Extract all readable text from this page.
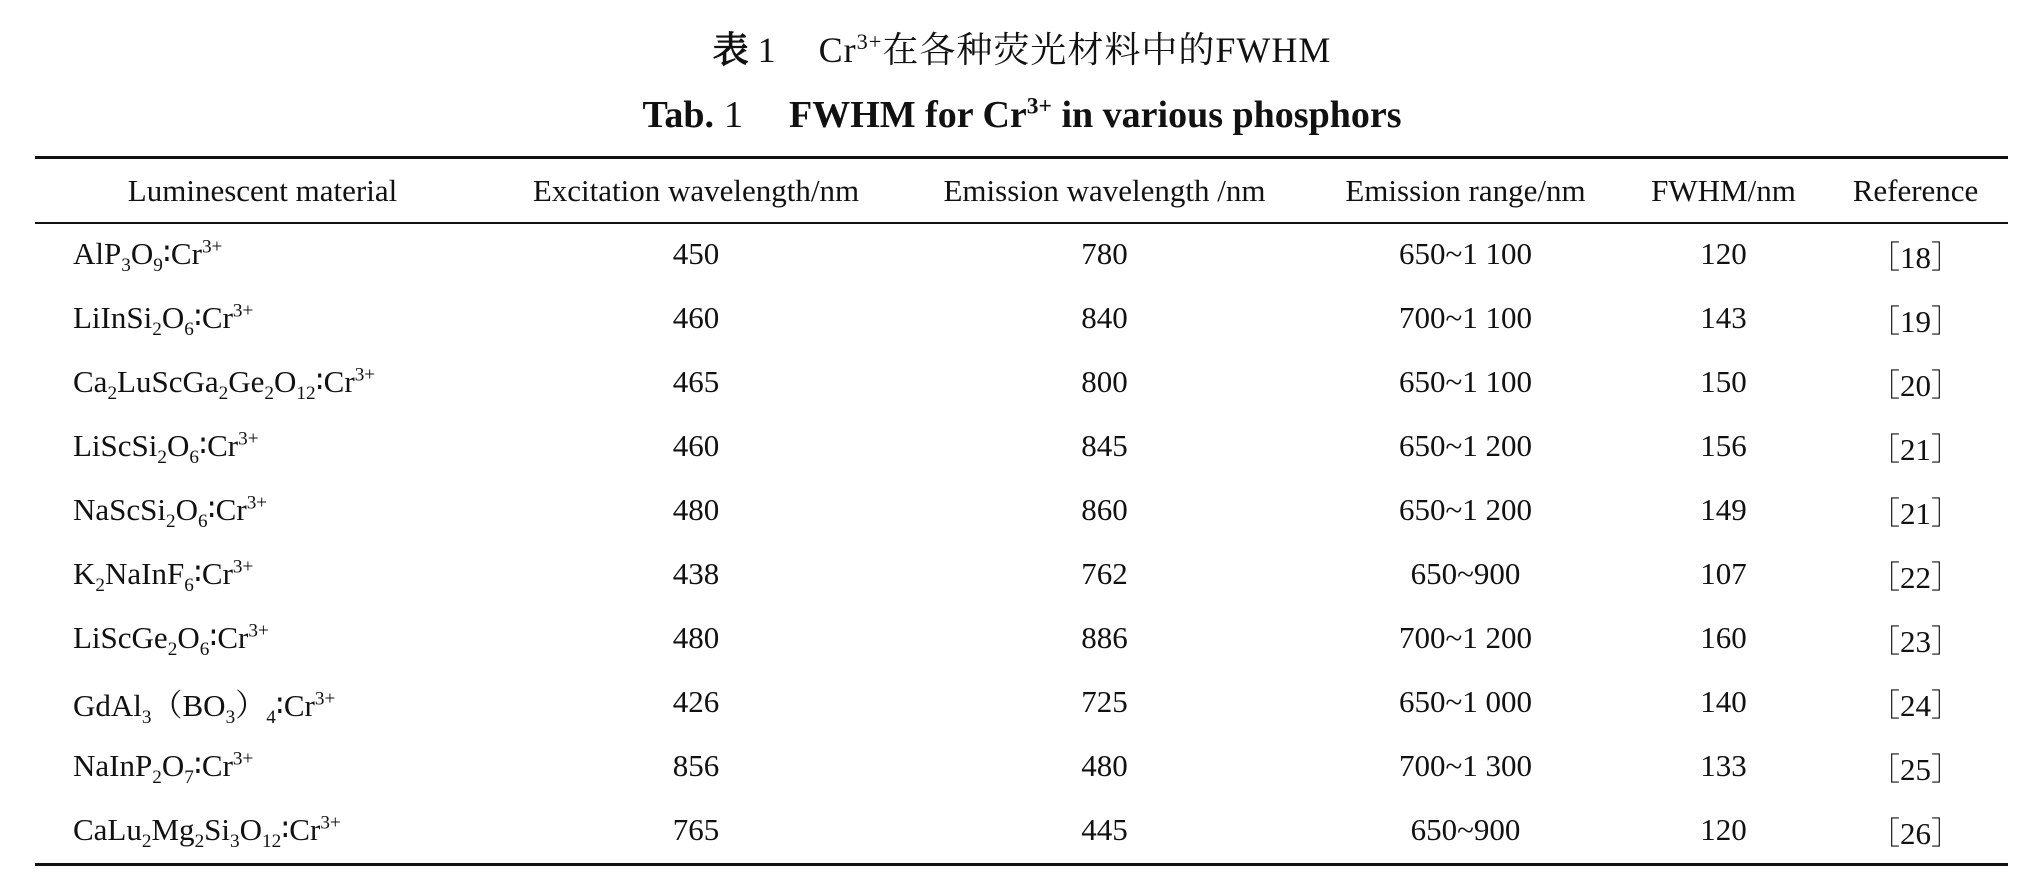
表 1 $Cr^{3+}$在各种荧光材料中的FWHM
Tab. 1 FWHM for $Cr^{3+}$ in various phosphors
Luminescent material	Excitation wavelength/nm	Emission wavelength /nm	Emission range/nm	FWHM/nm	Reference
$AlP_3O_9∶Cr^{3+}$	450	780	650~1 100	120	［18］
$LiInSi_2O_6∶Cr^{3+}$	460	840	700~1 100	143	［19］
$Ca_2LuScGa_2Ge_2O_{12}∶Cr^{3+}$	465	800	650~1 100	150	［20］
$LiScSi_2O_6∶Cr^{3+}$	460	845	650~1 200	156	［21］
$NaScSi_2O_6∶Cr^{3+}$	480	860	650~1 200	149	［21］
$K_2NaInF_6∶Cr^{3+}$	438	762	650~900	107	［22］
$LiScGe_2O_6∶Cr^{3+}$	480	886	700~1 200	160	［23］
$GdAl_3(BO_3)_4∶Cr^{3+}$	426	725	650~1 000	140	［24］
$NaInP_2O_7∶Cr^{3+}$	856	480	700~1 300	133	［25］
$CaLu_2Mg_2Si_3O_{12}∶Cr^{3+}$	765	445	650~900	120	［26］
